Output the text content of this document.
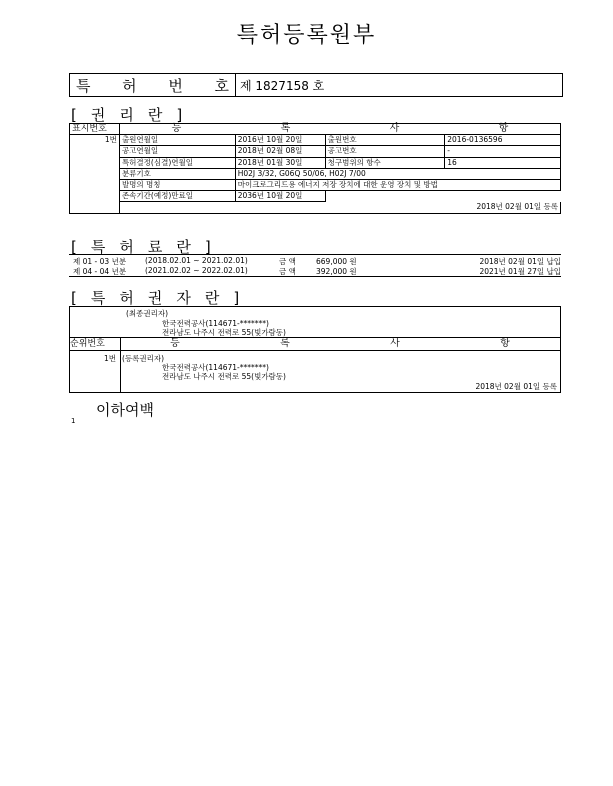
특허등록원부
특 허 번 호 제 1827158 호
[ 권 리 란 ]
표시번호	등 록 사 항			

1번	출원연월일	2016년 10월 20일	출원번호	2016-0136596
	공고연월일	2018년 02월 08일	공고번호	-
	특허결정(심결)연월일	2018년 01월 30일	청구범위의 항수	16
	분류기호	H02J 3/32, G06Q 50/06, H02J 7/00		
	발명의 명칭	마이크로그리드용 에너지 저장 장치에 대한 운영 장치 및 방법		
	존속기간(예정)만료일	2036년 10월 20일		
	2018년 02월 01일 등록			
[ 특 허 료 란 ]
제 01 - 03 년분	(2018.02.01 ~ 2021.02.01)	금 액	669,000 원	2018년 02월 01일 납입
제 04 - 04 년분	(2021.02.02 ~ 2022.02.01)	금 액	392,000 원	2021년 01월 27일 납입
[ 특 허 권 자 란 ]
(최종권리자)
한국전력공사(114671-*******)
전라남도 나주시 전력로 55(빛가람동)
순위번호	등	록	사	항
1번 (등록권리자)
한국전력공사(114671-*******)
전라남도 나주시 전력로 55(빛가람동)
2018년 02월 01일 등록
이하여백
1
